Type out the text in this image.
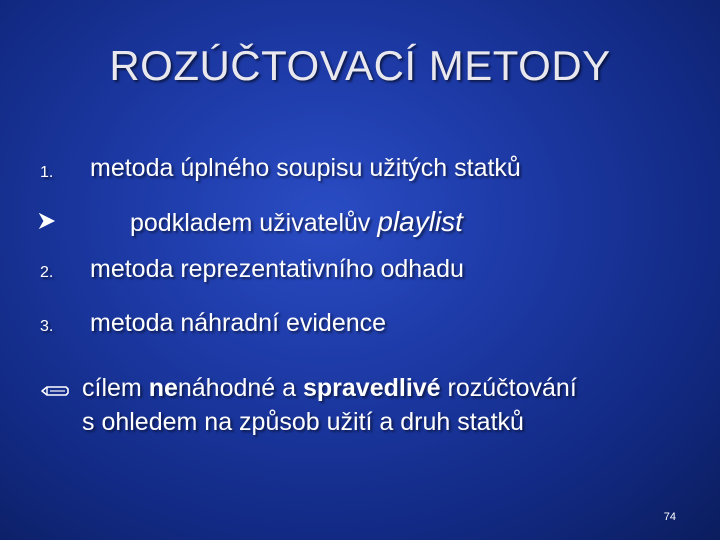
ROZÚČTOVACÍ METODY
1. metoda úplného soupisu užitých statků
podkladem uživatelův playlist
2. metoda reprezentativního odhadu
3. metoda náhradní evidence
cílem nenáhodné a spravedlivé rozúčtování
s ohledem na způsob užití a druh statků
74
